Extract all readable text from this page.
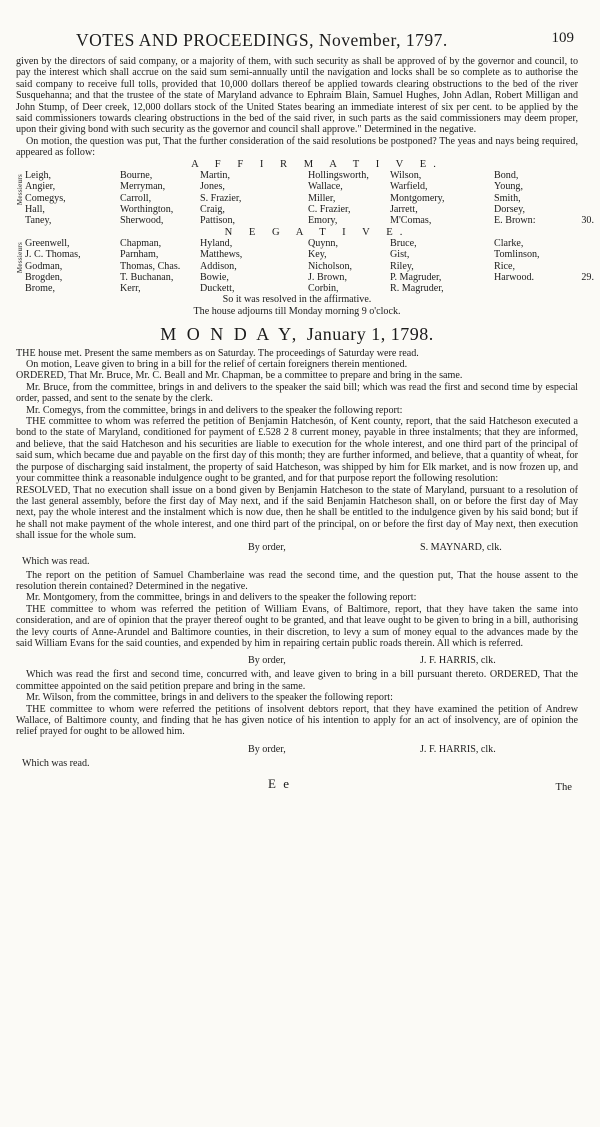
VOTES AND PROCEEDINGS, November, 1797.	109

given by the directors of said company, or a majority of them, with such security as shall be approved of by the governor and council, to pay the interest which shall accrue on the said sum semi-annually until the navigation and locks shall be so complete as to authorise the said company to receive full tolls, provided that 10,000 dollars thereof be applied towards clearing obstructions to the bed of the river Susquehanna; and that the trustee of the state of Maryland advance to Ephraim Blain, Samuel Hughes, John Adlan, Robert Milligan and John Stump, of Deer creek, 12,000 dollars stock of the United States bearing an immediate interest of six per cent. to be applied by the said commissioners towards clearing obstructions in the bed of the said river, in such parts as the said commissioners may deem proper, upon their giving bond with such security as the governor and council shall approve." Determined in the negative.

On motion, the question was put, That the further consideration of the said resolutions be postponed? The yeas and nays being required, appeared as follow:

A F F I R M A T I V E.
Messieurs Leigh,	Bourne,	Martin,	Hollingsworth,	Wilson,	Bond,
Angier,	Merryman,	Jones,	Wallace,	Warfield,	Young,
Comegys,	Carroll,	S. Frazier,	Miller,	Montgomery,	Smith,
Hall,	Worthington,	Craig,	C. Frazier,	Jarrett,	Dorsey,
Taney,	Sherwood,	Pattison,	Emory,	M'Comas,	E. Brown:	30.
N E G A T I V E.
Messieurs Greenwell,	Chapman,	Hyland,	Quynn,	Bruce,	Clarke,
J. C. Thomas,	Parnham,	Matthews,	Key,	Gist,	Tomlinson,
Godman,	Thomas, Chas.	Addison,	Nicholson,	Riley,	Rice,
Brogden,	T. Buchanan,	Bowie,	J. Brown,	P. Magruder,	Harwood.	29.
Brome,	Kerr,	Duckett,	Corbin,	R. Magruder,
So it was resolved in the affirmative.
The house adjourns till Monday morning 9 o'clock.
M O N D A Y, January 1, 1798.

THE house met. Present the same members as on Saturday. The proceedings of Saturday were read.

On motion, Leave given to bring in a bill for the relief of certain foreigners therein mentioned.

ORDERED, That Mr. Bruce, Mr. C. Beall and Mr. Chapman, be a committee to prepare and bring in the same.

Mr. Bruce, from the committee, brings in and delivers to the speaker the said bill; which was read the first and second time by especial order, passed, and sent to the senate by the clerk.

Mr. Comegys, from the committee, brings in and delivers to the speaker the following report:

THE committee to whom was referred the petition of Benjamin Hatchesón, of Kent county, report, that the said Hatcheson executed a bond to the state of Maryland, conditioned for payment of £.528 2 8 current money, payable in three instalments; that they are informed, and believe, that the said Hatcheson and his securities are liable to execution for the whole interest, and one third part of the principal of said sum, which became due and payable on the first day of this month; they are further informed, and believe, that a quantity of wheat, for the purpose of discharging said instalment, the property of said Hatcheson, was shipped by him for Elk market, and is now frozen up, and your committee think a reasonable indulgence ought to be granted, and for that purpose report the following resolution:

RESOLVED, That no execution shall issue on a bond given by Benjamin Hatcheson to the state of Maryland, pursuant to a resolution of the last general assembly, before the first day of May next, and if the said Benjamin Hatcheson shall, on or before the first day of May next, pay the whole interest and the instalment which is now due, then he shall be entitled to the indulgence given by his said bond; but if he shall not make payment of the whole interest, and one third part of the principal, on or before the first day of May next, then execution shall issue for the whole sum.

By order,	S. MAYNARD, clk.
Which was read.

The report on the petition of Samuel Chamberlaine was read the second time, and the question put, That the house assent to the resolution therein contained? Determined in the negative.

Mr. Montgomery, from the committee, brings in and delivers to the speaker the following report:

THE committee to whom was referred the petition of William Evans, of Baltimore, report, that they have taken the same into consideration, and are of opinion that the prayer thereof ought to be granted, and that leave ought to be given to bring in a bill, authorising the levy courts of Anne-Arundel and Baltimore counties, in their discretion, to levy a sum of money equal to the advances made by the said William Evans for the said counties, and expended by him in repairing certain public roads therein. All which is referred.

By order,	J. F. HARRIS, clk.

Which was read the first and second time, concurred with, and leave given to bring in a bill pursuant thereto. ORDERED, That the committee appointed on the said petition prepare and bring in the same.

Mr. Wilson, from the committee, brings in and delivers to the speaker the following report:

THE committee to whom were referred the petitions of insolvent debtors report, that they have examined the petition of Andrew Wallace, of Baltimore county, and finding that he has given notice of his intention to apply for an act of insolvency, are of opinion the relief prayed for ought to be allowed him.

By order,	J. F. HARRIS, clk.
Which was read.
E e	The
